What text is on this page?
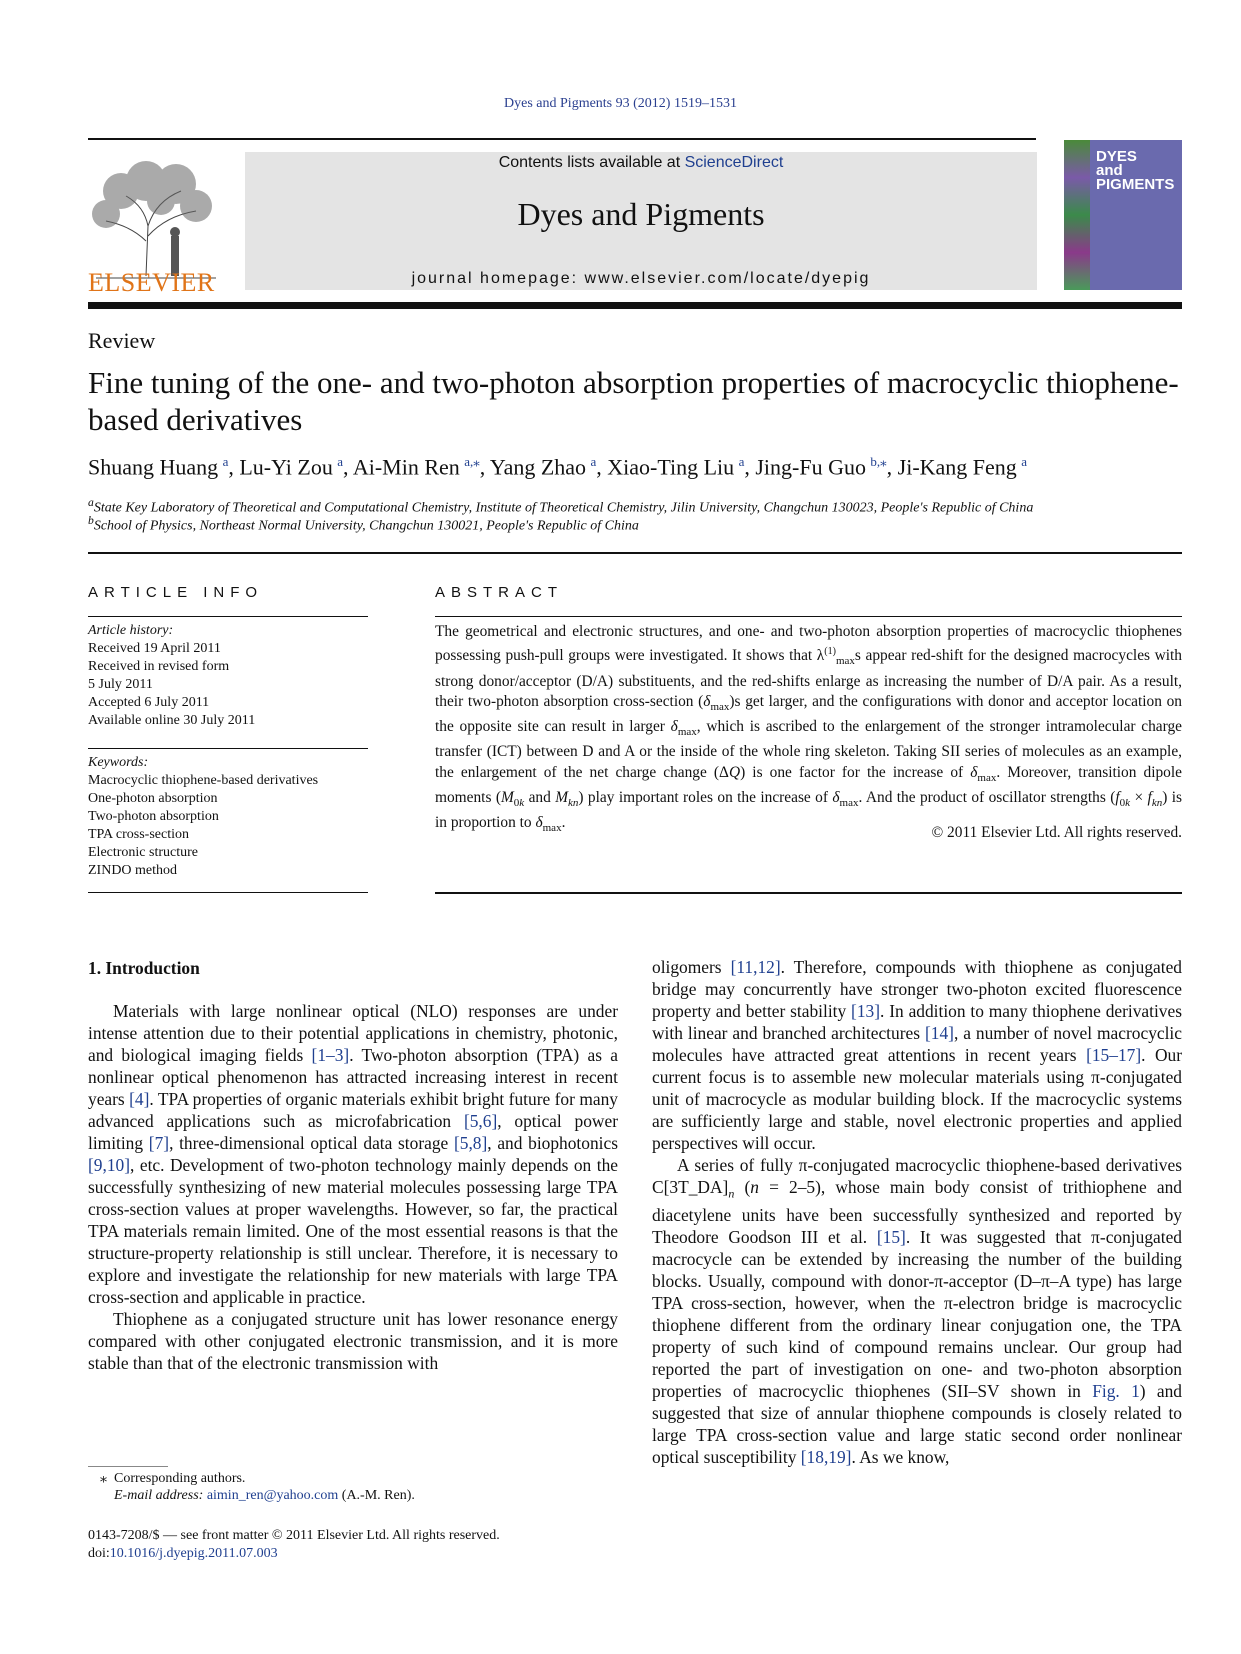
Dyes and Pigments 93 (2012) 1519–1531
ELSEVIER
Contents lists available at ScienceDirect
Dyes and Pigments
journal homepage: www.elsevier.com/locate/dyepig
DYES
and
PIGMENTS
Review
Fine tuning of the one- and two-photon absorption properties of macrocyclic thiophene-based derivatives
Shuang Huang  $^a$, Lu-Yi Zou  $^a$, Ai-Min Ren  $^{a,⁎}$, Yang Zhao  $^a$, Xiao-Ting Liu  $^a$, Jing-Fu Guo  $^{b,⁎}$, Ji-Kang Feng  $^a$
$^a$State Key Laboratory of Theoretical and Computational Chemistry, Institute of Theoretical Chemistry, Jilin University, Changchun 130023, People's Republic of China
$^b$School of Physics, Northeast Normal University, Changchun 130021, People's Republic of China
ARTICLE INFO
Article history:
Received 19 April 2011
Received in revised form
5 July 2011
Accepted 6 July 2011
Available online 30 July 2011
Keywords:
Macrocyclic thiophene-based derivatives
One-photon absorption
Two-photon absorption
TPA cross-section
Electronic structure
ZINDO method
ABSTRACT
The geometrical and electronic structures, and one- and two-photon absorption properties of macrocyclic thiophenes possessing push-pull groups were investigated. It shows that $\lambda^{(1)}_{max}s$ appear red-shift for the designed macrocycles with strong donor/acceptor (D/A) substituents, and the red-shifts enlarge as increasing the number of D/A pair. As a result, their two-photon absorption cross-section $(\delta_{max})s$ get larger, and the configurations with donor and acceptor location on the opposite site can result in larger $\delta_{max}$, which is ascribed to the enlargement of the stronger intramolecular charge transfer (ICT) between D and A or the inside of the whole ring skeleton. Taking SII series of molecules as an example, the enlargement of the net charge change (ΔQ) is one factor for the increase of $\delta_{max}$. Moreover, transition dipole moments ($M_{0k}$ and $M_{kn}$) play important roles on the increase of $\delta_{max}$. And the product of oscillator strengths $(f_{0k} \times f_{kn})$ is in proportion to $\delta_{max}$.
© 2011 Elsevier Ltd. All rights reserved.
1. Introduction

Materials with large nonlinear optical (NLO) responses are under intense attention due to their potential applications in chemistry, photonic, and biological imaging fields [1–3]. Two-photon absorption (TPA) as a nonlinear optical phenomenon has attracted increasing interest in recent years [4]. TPA properties of organic materials exhibit bright future for many advanced applications such as microfabrication [5,6], optical power limiting [7], three-dimensional optical data storage [5,8], and biophotonics [9,10], etc. Development of two-photon technology mainly depends on the successfully synthesizing of new material molecules possessing large TPA cross-section values at proper wavelengths. However, so far, the practical TPA materials remain limited. One of the most essential reasons is that the structure-property relationship is still unclear. Therefore, it is necessary to explore and investigate the relationship for new materials with large TPA cross-section and applicable in practice.

Thiophene as a conjugated structure unit has lower resonance energy compared with other conjugated electronic transmission, and it is more stable than that of the electronic transmission with

oligomers [11,12]. Therefore, compounds with thiophene as conjugated bridge may concurrently have stronger two-photon excited fluorescence property and better stability [13]. In addition to many thiophene derivatives with linear and branched architectures [14], a number of novel macrocyclic molecules have attracted great attentions in recent years [15–17]. Our current focus is to assemble new molecular materials using π-conjugated unit of macrocycle as modular building block. If the macrocyclic systems are sufficiently large and stable, novel electronic properties and applied perspectives will occur.

A series of fully π-conjugated macrocyclic thiophene-based derivatives $C[3T\_DA]_n$ (n = 2–5), whose main body consist of trithiophene and diacetylene units have been successfully synthesized and reported by Theodore Goodson III et al. [15]. It was suggested that π-conjugated macrocycle can be extended by increasing the number of the building blocks. Usually, compound with donor-π-acceptor (D–π–A type) has large TPA cross-section, however, when the π-electron bridge is macrocyclic thiophene different from the ordinary linear conjugation one, the TPA property of such kind of compound remains unclear. Our group had reported the part of investigation on one- and two-photon absorption properties of macrocyclic thiophenes (SII–SV shown in Fig. 1) and suggested that size of annular thiophene compounds is closely related to large TPA cross-section value and large static second order nonlinear optical susceptibility [18,19]. As we know,

⁎  Corresponding authors.
E-mail address: aimin_ren@yahoo.com (A.-M. Ren).
0143-7208/$ — see front matter © 2011 Elsevier Ltd. All rights reserved.
doi:10.1016/j.dyepig.2011.07.003
